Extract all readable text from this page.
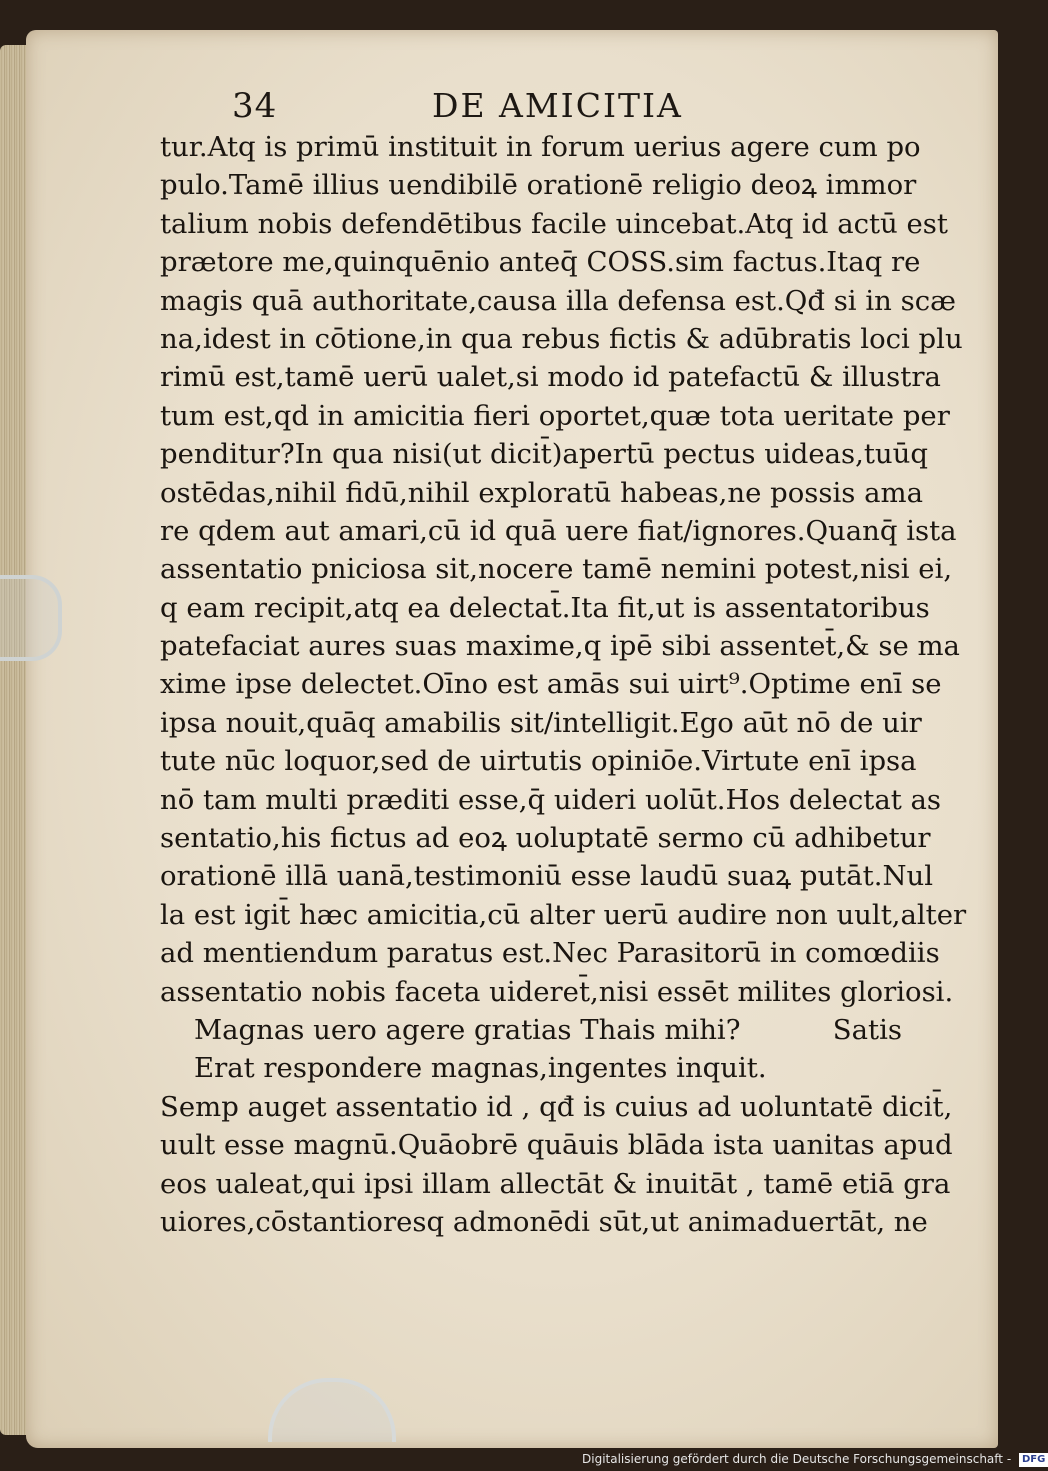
34	DE AMICITIA
tur.Atq is primū instituit in forum uerius agere cum po
pulo.Tamē illius uendibilē orationē religio deoꝝ immor
talium nobis defendētibus facile uincebat.Atq id actū est
prætore me,quinquēnio anteq̄ COSS.sim factus.Itaq re
magis quā authoritate,causa illa defensa est.Qđ si in scæ
na,idest in cōtione,in qua rebus fictis & adūbratis loci plu
rimū est,tamē uerū ualet,si modo id patefactū & illustra
tum est,qd in amicitia fieri oportet,quæ tota ueritate per
penditur?In qua nisi(ut dicit̄)apertū pectus uideas,tuūq
ostēdas,nihil fidū,nihil exploratū habeas,ne possis ama
re qdem aut amari,cū id quā uere fiat/ignores.Quanq̄ ista
assentatio pniciosa sit,nocere tamē nemini potest,nisi ei,
q eam recipit,atq ea delectat̄.Ita fit,ut is assentatoribus
patefaciat aures suas maxime,q ipē sibi assentet̄,& se ma
xime ipse delectet.Oīno est amās sui uirt⁹.Optime enī se
ipsa nouit,quāq amabilis sit/intelligit.Ego aūt nō de uir
tute nūc loquor,sed de uirtutis opiniōe.Virtute enī ipsa
nō tam multi præditi esse,q̄ uideri uolūt.Hos delectat as
sentatio,his fictus ad eoꝝ uoluptatē sermo cū adhibetur
orationē illā uanā,testimoniū esse laudū suaꝝ putāt.Nul
la est igit̄ hæc amicitia,cū alter uerū audire non uult,alter
ad mentiendum paratus est.Nec Parasitorū in comœdiis
assentatio nobis faceta uideret̄,nisi essēt milites gloriosi.
Magnas uero agere gratias Thais mihi?	Satis
Erat respondere magnas,ingentes inquit.
Semp auget assentatio id , qđ is cuius ad uoluntatē dicit̄,
uult esse magnū.Quāobrē quāuis blāda ista uanitas apud
eos ualeat,qui ipsi illam allectāt & inuitāt , tamē etiā gra
uiores,cōstantioresq admonēdi sūt,ut animaduertāt, ne
Digitalisierung gefördert durch die Deutsche Forschungsgemeinschaft - DFG
